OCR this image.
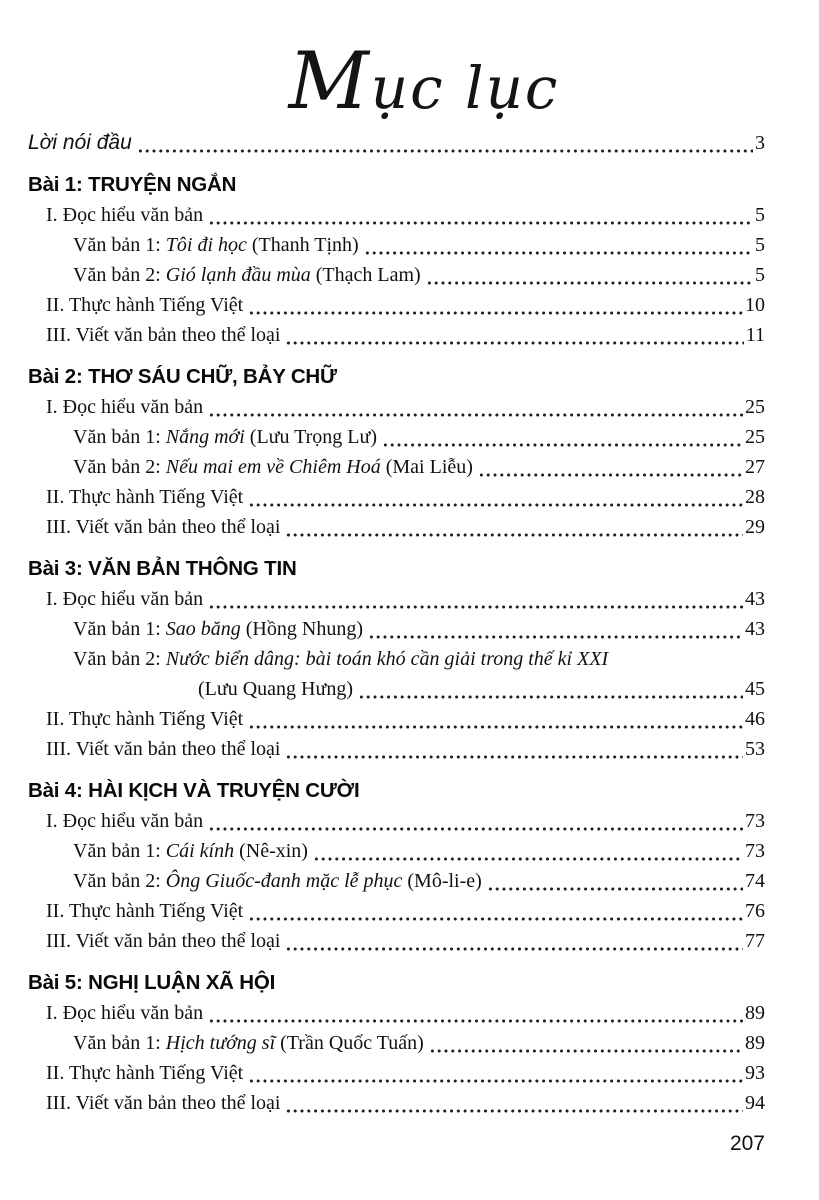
Mục lục
Lời nói đầu	3
Bài 1: TRUYỆN NGẮN
I. Đọc hiểu văn bản	5
Văn bản 1: Tôi đi học (Thanh Tịnh)	5
Văn bản 2: Gió lạnh đầu mùa (Thạch Lam)	5
II. Thực hành Tiếng Việt	10
III. Viết văn bản theo thể loại	11
Bài 2: THƠ SÁU CHỮ, BẢY CHỮ
I. Đọc hiểu văn bản	25
Văn bản 1: Nắng mới (Lưu Trọng Lư)	25
Văn bản 2: Nếu mai em về Chiêm Hoá (Mai Liễu)	27
II. Thực hành Tiếng Việt	28
III. Viết văn bản theo thể loại	29
Bài 3: VĂN BẢN THÔNG TIN
I. Đọc hiểu văn bản	43
Văn bản 1: Sao băng (Hồng Nhung)	43
Văn bản 2: Nước biển dâng: bài toán khó cần giải trong thế kỉ XXI
(Lưu Quang Hưng)	45
II. Thực hành Tiếng Việt	46
III. Viết văn bản theo thể loại	53
Bài 4: HÀI KỊCH VÀ TRUYỆN CƯỜI
I. Đọc hiểu văn bản	73
Văn bản 1: Cái kính (Nê-xin)	73
Văn bản 2: Ông Giuốc-đanh mặc lễ phục (Mô-li-e)	74
II. Thực hành Tiếng Việt	76
III. Viết văn bản theo thể loại	77
Bài 5: NGHỊ LUẬN XÃ HỘI
I. Đọc hiểu văn bản	89
Văn bản 1: Hịch tướng sĩ (Trần Quốc Tuấn)	89
II. Thực hành Tiếng Việt	93
III. Viết văn bản theo thể loại	94
207
